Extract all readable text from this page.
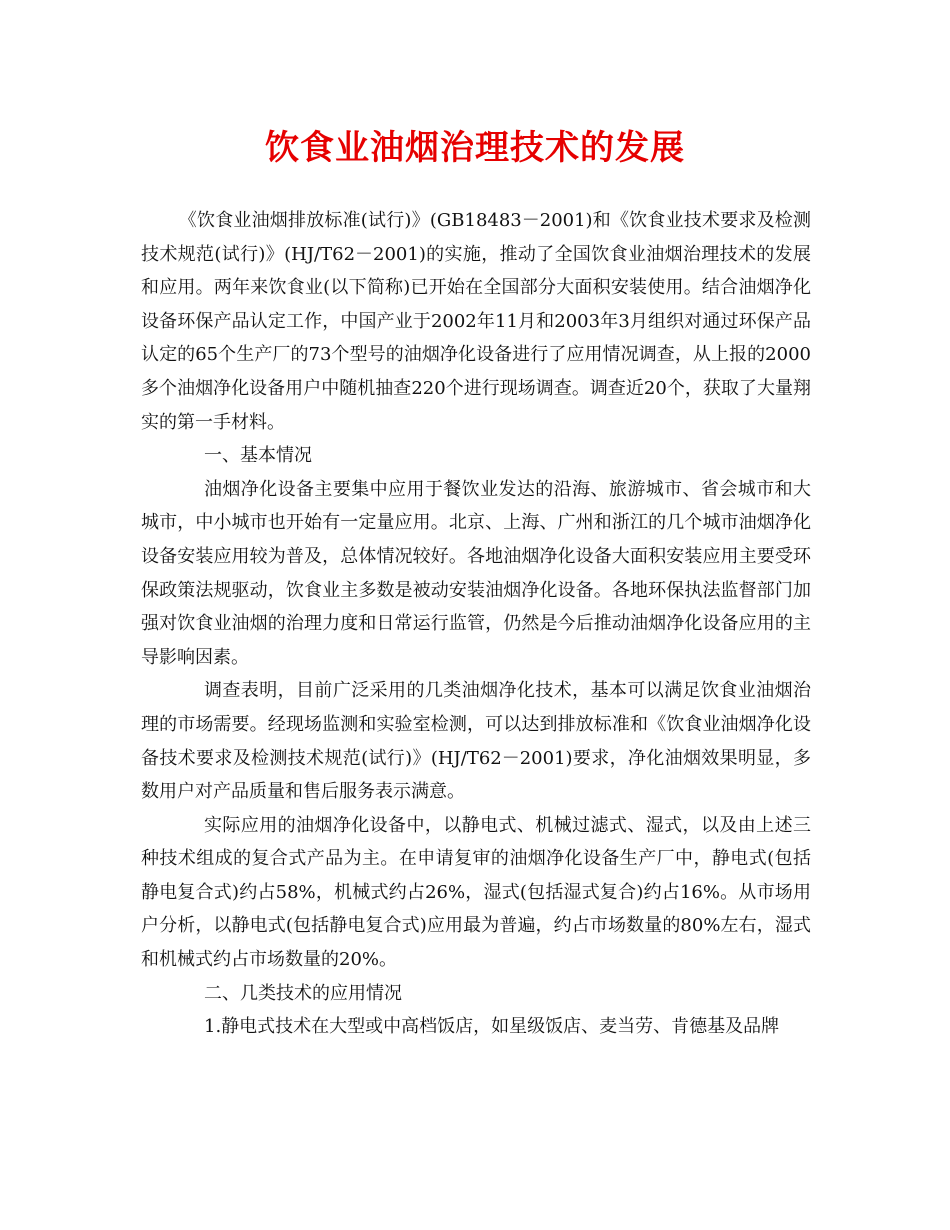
饮食业油烟治理技术的发展

《饮食业油烟排放标准(试行)》(GB18483－2001)和《饮食业技术要求及检测技术规范(试行)》(HJ/T62－2001)的实施，推动了全国饮食业油烟治理技术的发展和应用。两年来饮食业(以下简称)已开始在全国部分大面积安装使用。结合油烟净化设备环保产品认定工作，中国产业于2002年11月和2003年3月组织对通过环保产品认定的65个生产厂的73个型号的油烟净化设备进行了应用情况调查，从上报的2000多个油烟净化设备用户中随机抽查220个进行现场调查。调查近20个，获取了大量翔实的第一手材料。

一、基本情况

油烟净化设备主要集中应用于餐饮业发达的沿海、旅游城市、省会城市和大城市，中小城市也开始有一定量应用。北京、上海、广州和浙江的几个城市油烟净化设备安装应用较为普及，总体情况较好。各地油烟净化设备大面积安装应用主要受环保政策法规驱动，饮食业主多数是被动安装油烟净化设备。各地环保执法监督部门加强对饮食业油烟的治理力度和日常运行监管，仍然是今后推动油烟净化设备应用的主导影响因素。

调查表明，目前广泛采用的几类油烟净化技术，基本可以满足饮食业油烟治理的市场需要。经现场监测和实验室检测，可以达到排放标准和《饮食业油烟净化设备技术要求及检测技术规范(试行)》(HJ/T62－2001)要求，净化油烟效果明显，多数用户对产品质量和售后服务表示满意。

实际应用的油烟净化设备中，以静电式、机械过滤式、湿式，以及由上述三种技术组成的复合式产品为主。在申请复审的油烟净化设备生产厂中，静电式(包括静电复合式)约占58%，机械式约占26%，湿式(包括湿式复合)约占16%。从市场用户分析，以静电式(包括静电复合式)应用最为普遍，约占市场数量的80%左右，湿式和机械式约占市场数量的20%。

二、几类技术的应用情况

1.静电式技术在大型或中高档饭店，如星级饭店、麦当劳、肯德基及品牌
